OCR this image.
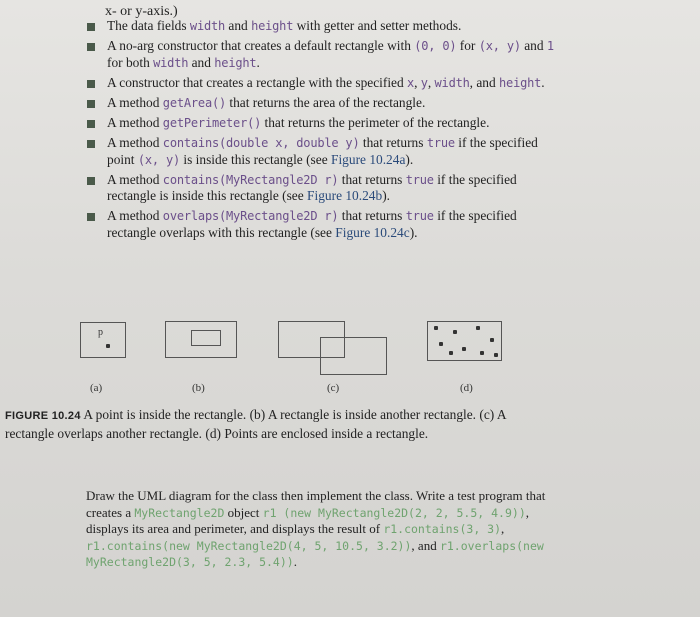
x- or y-axis.)
The data fields width and height with getter and setter methods.
A no-arg constructor that creates a default rectangle with (0, 0) for (x, y) and 1 for both width and height.
A constructor that creates a rectangle with the specified x, y, width, and height.
A method getArea() that returns the area of the rectangle.
A method getPerimeter() that returns the perimeter of the rectangle.
A method contains(double x, double y) that returns true if the specified point (x, y) is inside this rectangle (see Figure 10.24a).
A method contains(MyRectangle2D r) that returns true if the specified rectangle is inside this rectangle (see Figure 10.24b).
A method overlaps(MyRectangle2D r) that returns true if the specified rectangle overlaps with this rectangle (see Figure 10.24c).
p
(a)	(b)	(c)	(d)
FIGURE 10.24 A point is inside the rectangle. (b) A rectangle is inside another rectangle. (c) A rectangle overlaps another rectangle. (d) Points are enclosed inside a rectangle.
Draw the UML diagram for the class then implement the class. Write a test program that creates a MyRectangle2D object r1 (new MyRectangle2D(2, 2, 5.5, 4.9)), displays its area and perimeter, and displays the result of r1.contains(3, 3), r1.contains(new MyRectangle2D(4, 5, 10.5, 3.2)), and r1.overlaps(new MyRectangle2D(3, 5, 2.3, 5.4)).
